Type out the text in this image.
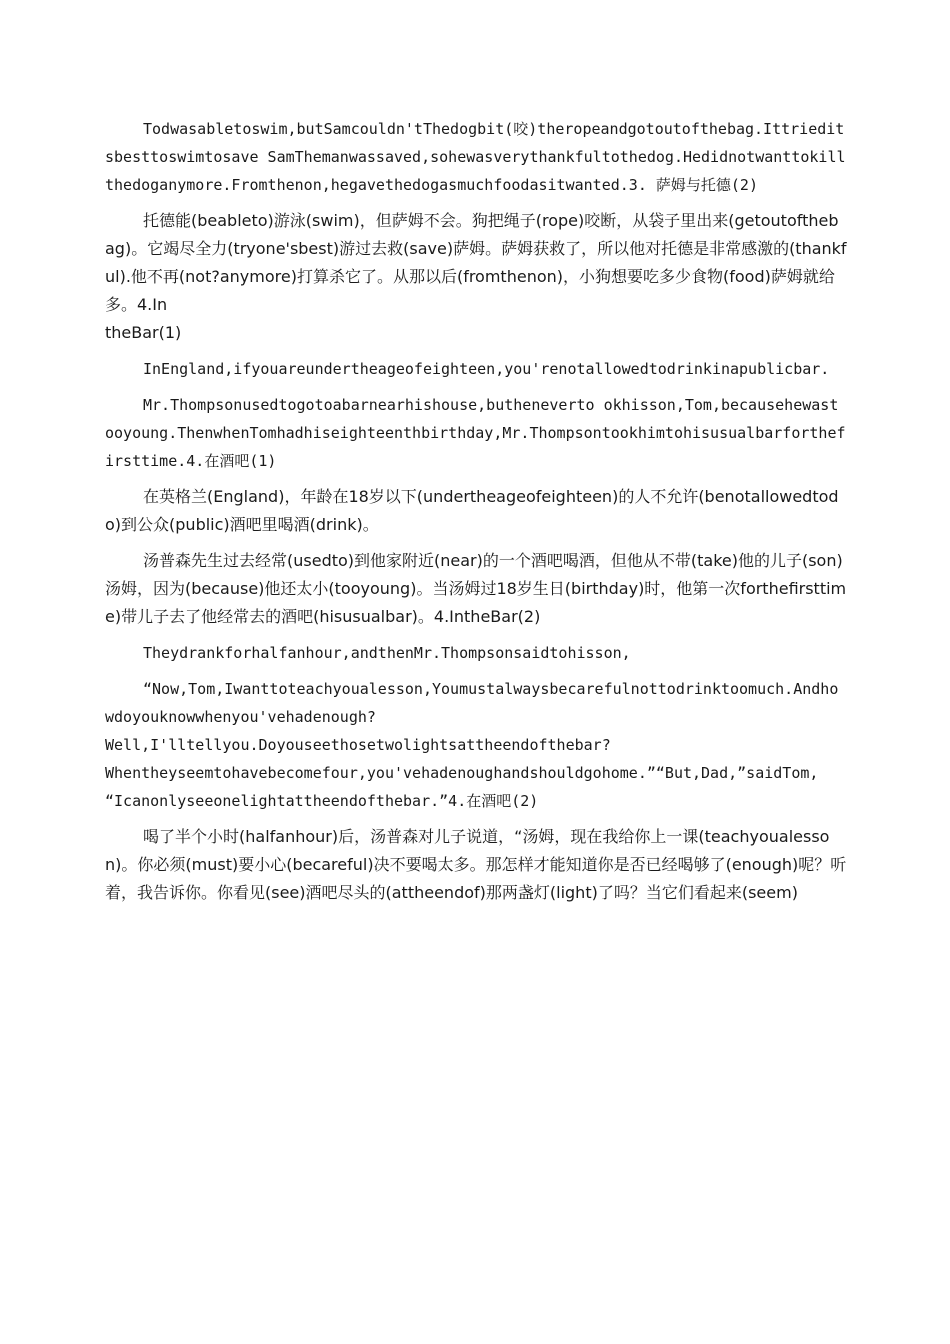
Todwasabletoswim,butSamcouldn'tThedogbit(咬)theropeandgotoutofthebag.Ittrieditsbesttoswimtosave SamThemanwassaved,sohewasverythankfultothedog.Hedidnotwanttokillthedoganymore.Fromthenon,hegavethedogasmuchfoodasitwanted.3. 萨姆与托德(2)

托德能(beableto)游泳(swim)，但萨姆不会。狗把绳子(rope)咬断，从袋子里出来(getoutofthebag)。它竭尽全力(tryone'sbest)游过去救(save)萨姆。萨姆获救了，所以他对托德是非常感激的(thankful).他不再(not?anymore)打算杀它了。从那以后(fromthenon)，小狗想要吃多少食物(food)萨姆就给多。4.In
theBar(1)

InEngland,ifyouareundertheageofeighteen,you'renotallowedtodrinkinapublicbar.

Mr.Thompsonusedtogotoabarnearhishouse,butheneverto okhisson,Tom,becausehewastooyoung.ThenwhenTomhadhiseighteenthbirthday,Mr.Thompsontookhimtohisusualbarforthefirsttime.4.在酒吧(1)

在英格兰(England)，年龄在18岁以下(undertheageofeighteen)的人不允许(benotallowedtodo)到公众(public)酒吧里喝酒(drink)。

汤普森先生过去经常(usedto)到他家附近(near)的一个酒吧喝酒，但他从不带(take)他的儿子(son)汤姆，因为(because)他还太小(tooyoung)。当汤姆过18岁生日(birthday)时，他第一次forthefirsttime)带儿子去了他经常去的酒吧(hisusualbar)。4.IntheBar(2)

Theydrankforhalfanhour,andthenMr.Thompsonsaidtohisson,

“Now,Tom,Iwanttoteachyoualesson,Youmustalwaysbecarefulnottodrinktoomuch.Andhowdoyouknowwhenyou'vehadenough?
Well,I'lltellyou.Doyouseethosetwolightsattheendofthebar?
Whentheyseemtohavebecomefour,you'vehadenoughandshouldgohome.”“But,Dad,”saidTom,
“Icanonlyseeonelightattheendofthebar.”4.在酒吧(2)

喝了半个小时(halfanhour)后，汤普森对儿子说道，“汤姆，现在我给你上一课(teachyoualesson)。你必须(must)要小心(becareful)决不要喝太多。那怎样才能知道你是否已经喝够了(enough)呢？听着，我告诉你。你看见(see)酒吧尽头的(attheendof)那两盏灯(light)了吗？当它们看起来(seem)
